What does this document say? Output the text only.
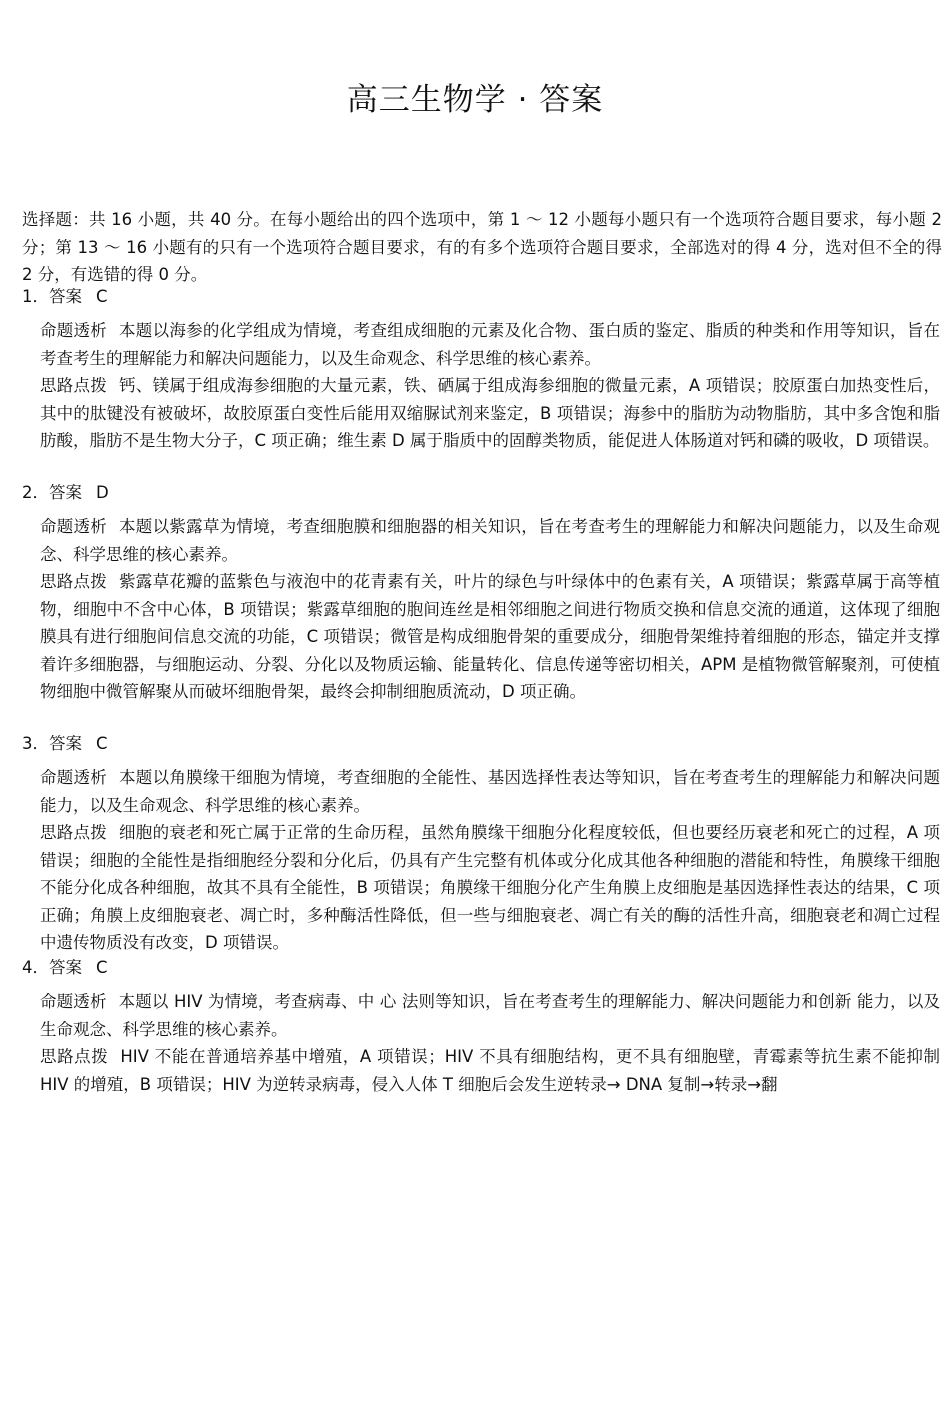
高三生物学 · 答案
选择题：共 16 小题，共 40 分。在每小题给出的四个选项中，第 1 ～ 12 小题每小题只有一个选项符合题目要求，每小题 2 分；第 13 ～ 16 小题有的只有一个选项符合题目要求，有的有多个选项符合题目要求，全部选对的得 4 分，选对但不全的得 2 分，有选错的得 0 分。
1．答案 C
命题透析 本题以海参的化学组成为情境，考查组成细胞的元素及化合物、蛋白质的鉴定、脂质的种类和作用等知识，旨在考查考生的理解能力和解决问题能力，以及生命观念、科学思维的核心素养。
思路点拨 钙、镁属于组成海参细胞的大量元素，铁、硒属于组成海参细胞的微量元素，A 项错误；胶原蛋白加热变性后，其中的肽键没有被破坏，故胶原蛋白变性后能用双缩脲试剂来鉴定，B 项错误；海参中的脂肪为动物脂肪，其中多含饱和脂肪酸，脂肪不是生物大分子，C 项正确；维生素 D 属于脂质中的固醇类物质，能促进人体肠道对钙和磷的吸收，D 项错误。
2．答案 D
命题透析 本题以紫露草为情境，考查细胞膜和细胞器的相关知识，旨在考查考生的理解能力和解决问题能力，以及生命观念、科学思维的核心素养。
思路点拨 紫露草花瓣的蓝紫色与液泡中的花青素有关，叶片的绿色与叶绿体中的色素有关，A 项错误；紫露草属于高等植物，细胞中不含中心体，B 项错误；紫露草细胞的胞间连丝是相邻细胞之间进行物质交换和信息交流的通道，这体现了细胞膜具有进行细胞间信息交流的功能，C 项错误；微管是构成细胞骨架的重要成分，细胞骨架维持着细胞的形态，锚定并支撑着许多细胞器，与细胞运动、分裂、分化以及物质运输、能量转化、信息传递等密切相关，APM 是植物微管解聚剂，可使植物细胞中微管解聚从而破坏细胞骨架，最终会抑制细胞质流动，D 项正确。
3．答案 C
命题透析 本题以角膜缘干细胞为情境，考查细胞的全能性、基因选择性表达等知识，旨在考查考生的理解能力和解决问题能力，以及生命观念、科学思维的核心素养。
思路点拨 细胞的衰老和死亡属于正常的生命历程，虽然角膜缘干细胞分化程度较低，但也要经历衰老和死亡的过程，A 项错误；细胞的全能性是指细胞经分裂和分化后，仍具有产生完整有机体或分化成其他各种细胞的潜能和特性，角膜缘干细胞不能分化成各种细胞，故其不具有全能性，B 项错误；角膜缘干细胞分化产生角膜上皮细胞是基因选择性表达的结果，C 项正确；角膜上皮细胞衰老、凋亡时，多种酶活性降低，但一些与细胞衰老、凋亡有关的酶的活性升高，细胞衰老和凋亡过程中遗传物质没有改变，D 项错误。
4．答案 C
命题透析 本题以 HIV 为情境，考查病毒、中 心 法则等知识，旨在考查考生的理解能力、解决问题能力和创新 能力，以及生命观念、科学思维的核心素养。
思路点拨 HIV 不能在普通培养基中增殖，A 项错误；HIV 不具有细胞结构，更不具有细胞壁，青霉素等抗生素不能抑制 HIV 的增殖，B 项错误；HIV 为逆转录病毒，侵入人体 T 细胞后会发生逆转录→ DNA 复制→转录→翻
